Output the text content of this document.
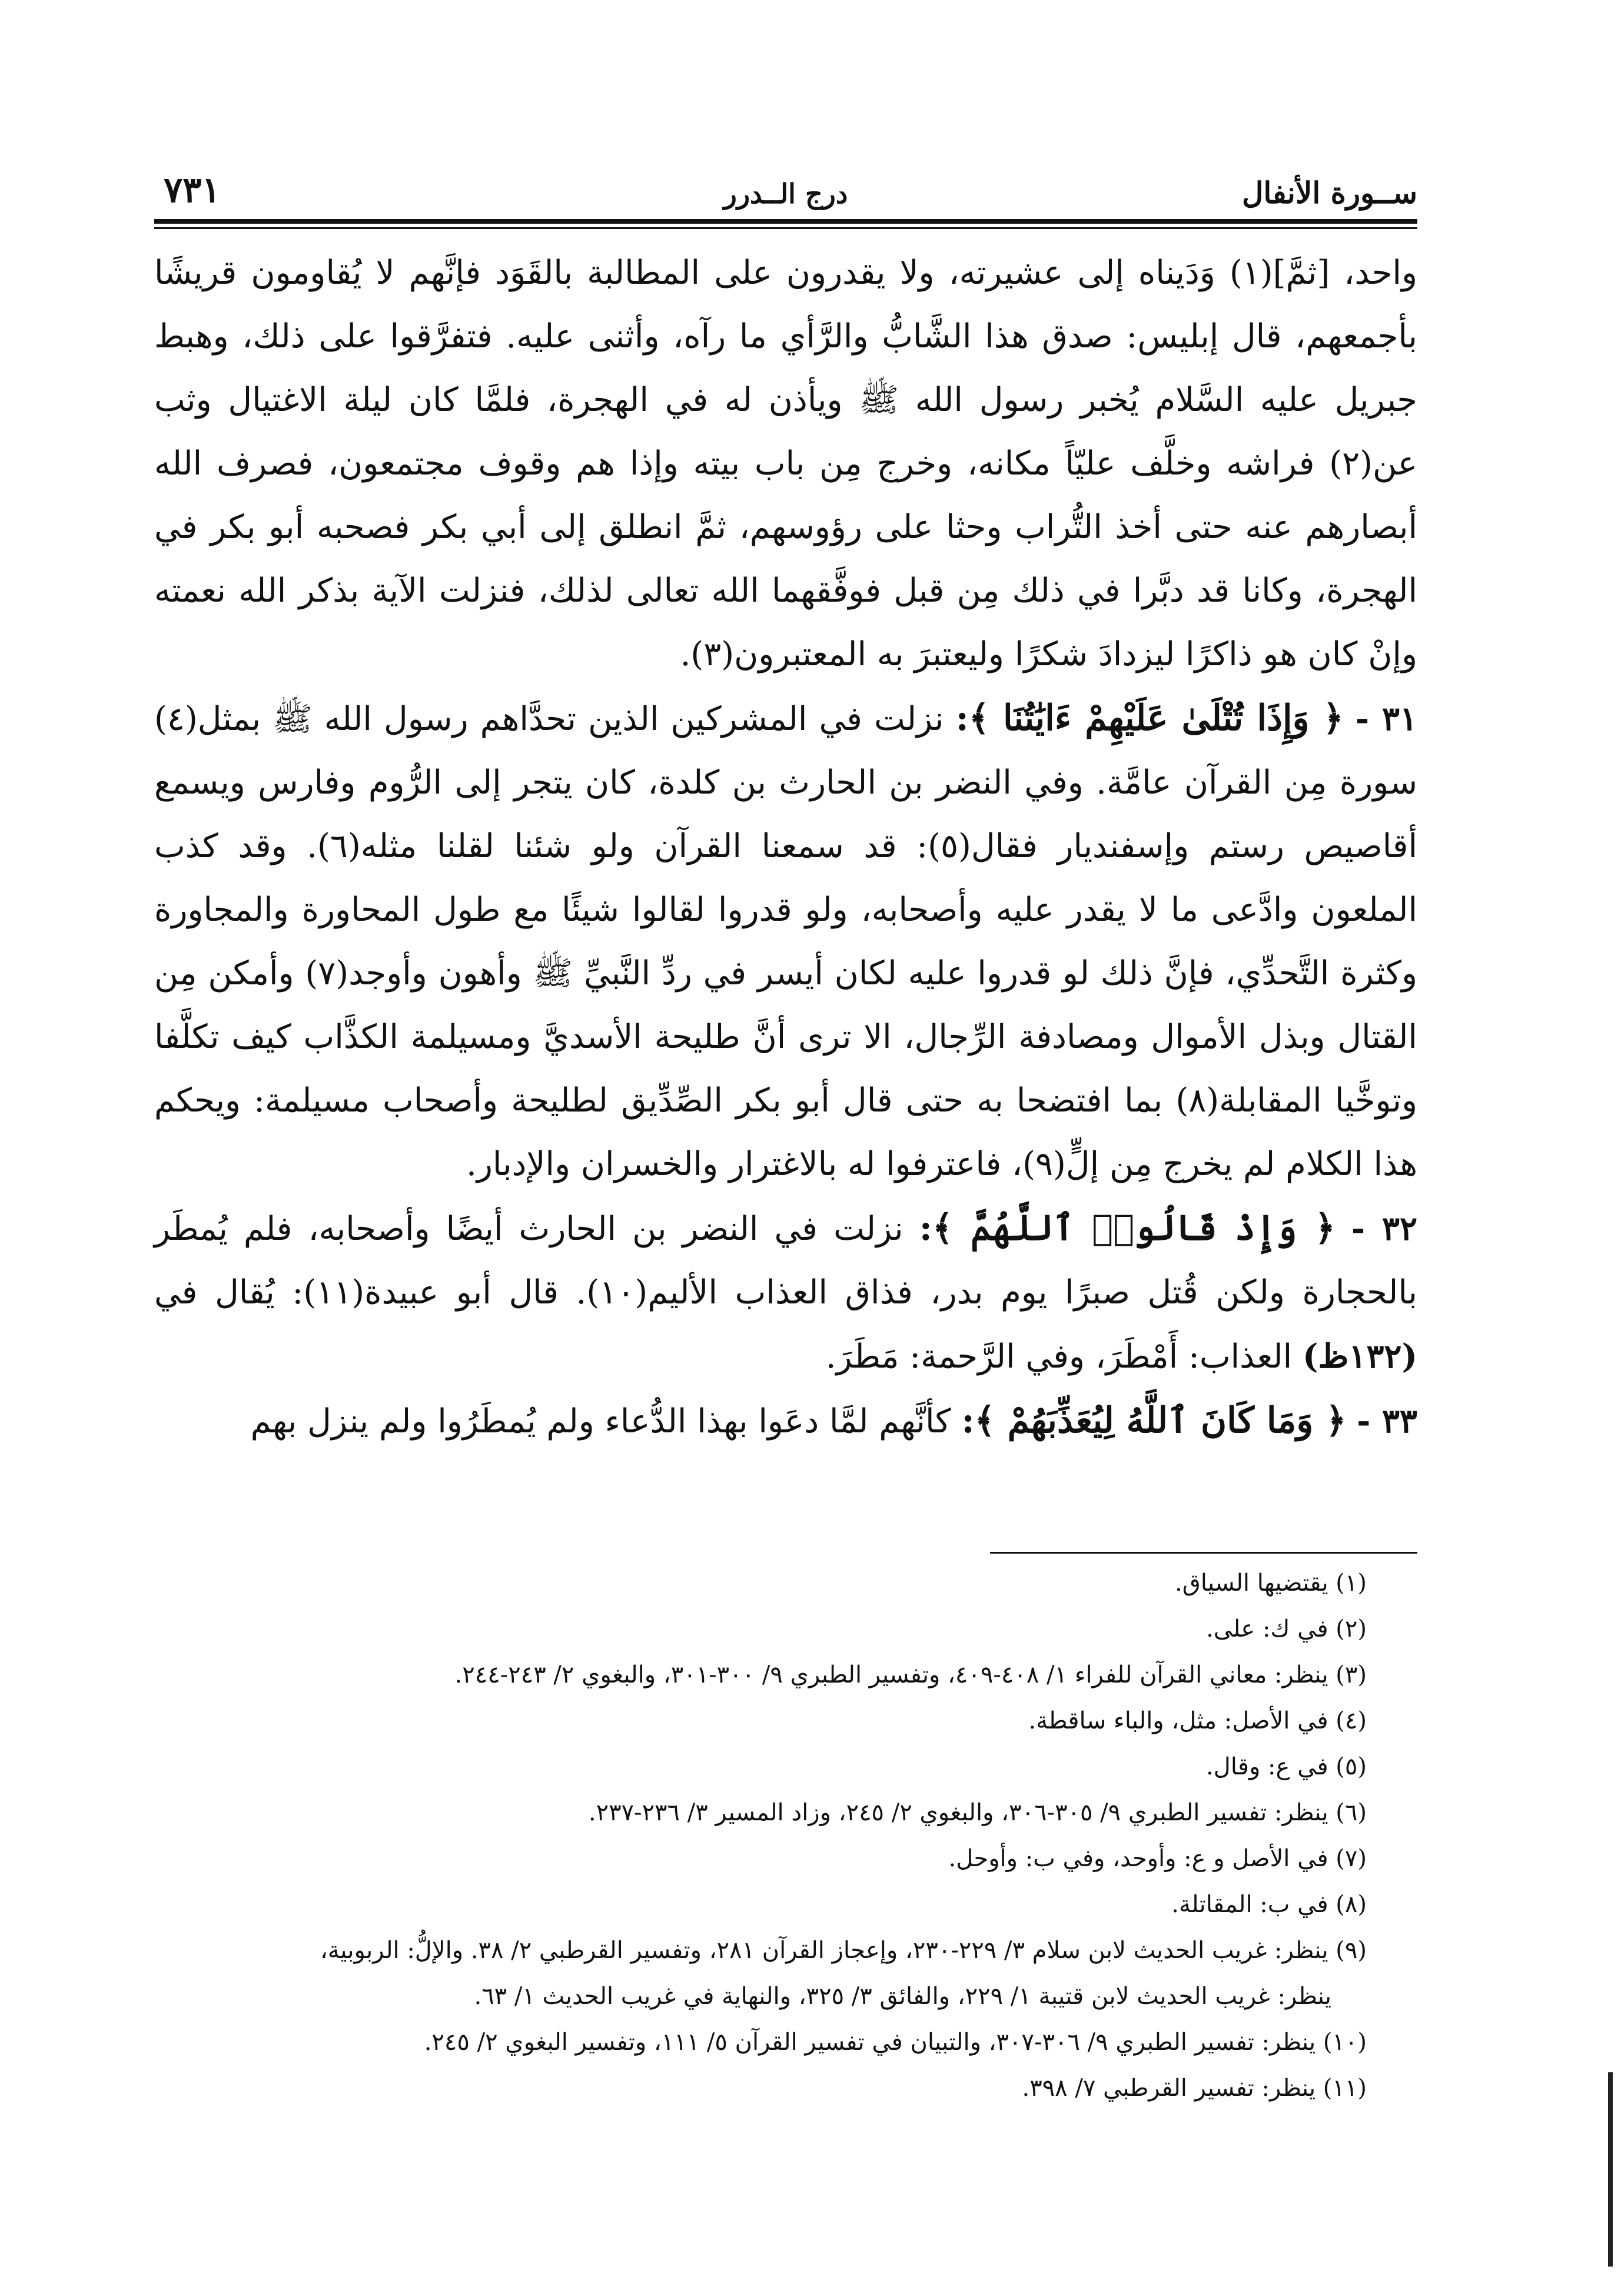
ســورة الأنفال
درج الــدرر
٧٣١

واحد، [ثمَّ](١) وَدَيناه إلى عشيرته، ولا يقدرون على المطالبة بالقَوَد فإنَّهم لا يُقاومون قريشًا بأجمعهم، قال إبليس: صدق هذا الشَّابُّ والرَّأي ما رآه، وأثنى عليه. فتفرَّقوا على ذلك، وهبط جبريل عليه السَّلام يُخبر رسول الله ﷺ ويأذن له في الهجرة، فلمَّا كان ليلة الاغتيال وثب عن(٢) فراشه وخلَّف عليّاً مكانه، وخرج مِن باب بيته وإذا هم وقوف مجتمعون، فصرف الله أبصارهم عنه حتى أخذ التُّراب وحثا على رؤوسهم، ثمَّ انطلق إلى أبي بكر فصحبه أبو بكر في الهجرة، وكانا قد دبَّرا في ذلك مِن قبل فوفَّقهما الله تعالى لذلك، فنزلت الآية بذكر الله نعمته وإنْ كان هو ذاكرًا ليزدادَ شكرًا وليعتبرَ به المعتبرون(٣).

٣١ - ﴿ وَإِذَا تُتْلَىٰ عَلَيْهِمْ ءَايَٰتُنَا ﴾: نزلت في المشركين الذين تحدَّاهم رسول الله ﷺ بمثل(٤) سورة مِن القرآن عامَّة. وفي النضر بن الحارث بن كلدة، كان يتجر إلى الرُّوم وفارس ويسمع أقاصيص رستم وإسفنديار فقال(٥): قد سمعنا القرآن ولو شئنا لقلنا مثله(٦). وقد كذب الملعون وادَّعى ما لا يقدر عليه وأصحابه، ولو قدروا لقالوا شيئًا مع طول المحاورة والمجاورة وكثرة التَّحدِّي، فإنَّ ذلك لو قدروا عليه لكان أيسر في ردِّ النَّبيِّ ﷺ وأهون وأوجد(٧) وأمكن مِن القتال وبذل الأموال ومصادفة الرِّجال، الا ترى أنَّ طليحة الأسديَّ ومسيلمة الكذَّاب كيف تكلَّفا وتوخَّيا المقابلة(٨) بما افتضحا به حتى قال أبو بكر الصِّدِّيق لطليحة وأصحاب مسيلمة: ويحكم هذا الكلام لم يخرج مِن إلٍّ(٩)، فاعترفوا له بالاغترار والخسران والإدبار.

٣٢ - ﴿ وَإِذْ قَالُوا۟ ٱللَّهُمَّ ﴾: نزلت في النضر بن الحارث أيضًا وأصحابه، فلم يُمطَر بالحجارة ولكن قُتل صبرًا يوم بدر، فذاق العذاب الأليم(١٠). قال أبو عبيدة(١١): يُقال في (١٣٢ظ) العذاب: أَمْطَرَ، وفي الرَّحمة: مَطَرَ.

٣٣ - ﴿ وَمَا كَانَ ٱللَّهُ لِيُعَذِّبَهُمْ ﴾: كأنَّهم لمَّا دعَوا بهذا الدُّعاء ولم يُمطَرُوا ولم ينزل بهم

(١) يقتضيها السياق.

(٢) في ك: على.

(٣) ينظر: معاني القرآن للفراء ١/ ٤٠٨-٤٠٩، وتفسير الطبري ٩/ ٣٠٠-٣٠١، والبغوي ٢/ ٢٤٣-٢٤٤.

(٤) في الأصل: مثل، والباء ساقطة.

(٥) في ع: وقال.

(٦) ينظر: تفسير الطبري ٩/ ٣٠٥-٣٠٦، والبغوي ٢/ ٢٤٥، وزاد المسير ٣/ ٢٣٦-٢٣٧.

(٧) في الأصل و ع: وأوحد، وفي ب: وأوحل.

(٨) في ب: المقاتلة.

(٩) ينظر: غريب الحديث لابن سلام ٣/ ٢٢٩-٢٣٠، وإعجاز القرآن ٢٨١، وتفسير القرطبي ٢/ ٣٨. والإلُّ: الربوبية،

ينظر: غريب الحديث لابن قتيبة ١/ ٢٢٩، والفائق ٣/ ٣٢٥، والنهاية في غريب الحديث ١/ ٦٣.

(١٠) ينظر: تفسير الطبري ٩/ ٣٠٦-٣٠٧، والتبيان في تفسير القرآن ٥/ ١١١، وتفسير البغوي ٢/ ٢٤٥.

(١١) ينظر: تفسير القرطبي ٧/ ٣٩٨.
